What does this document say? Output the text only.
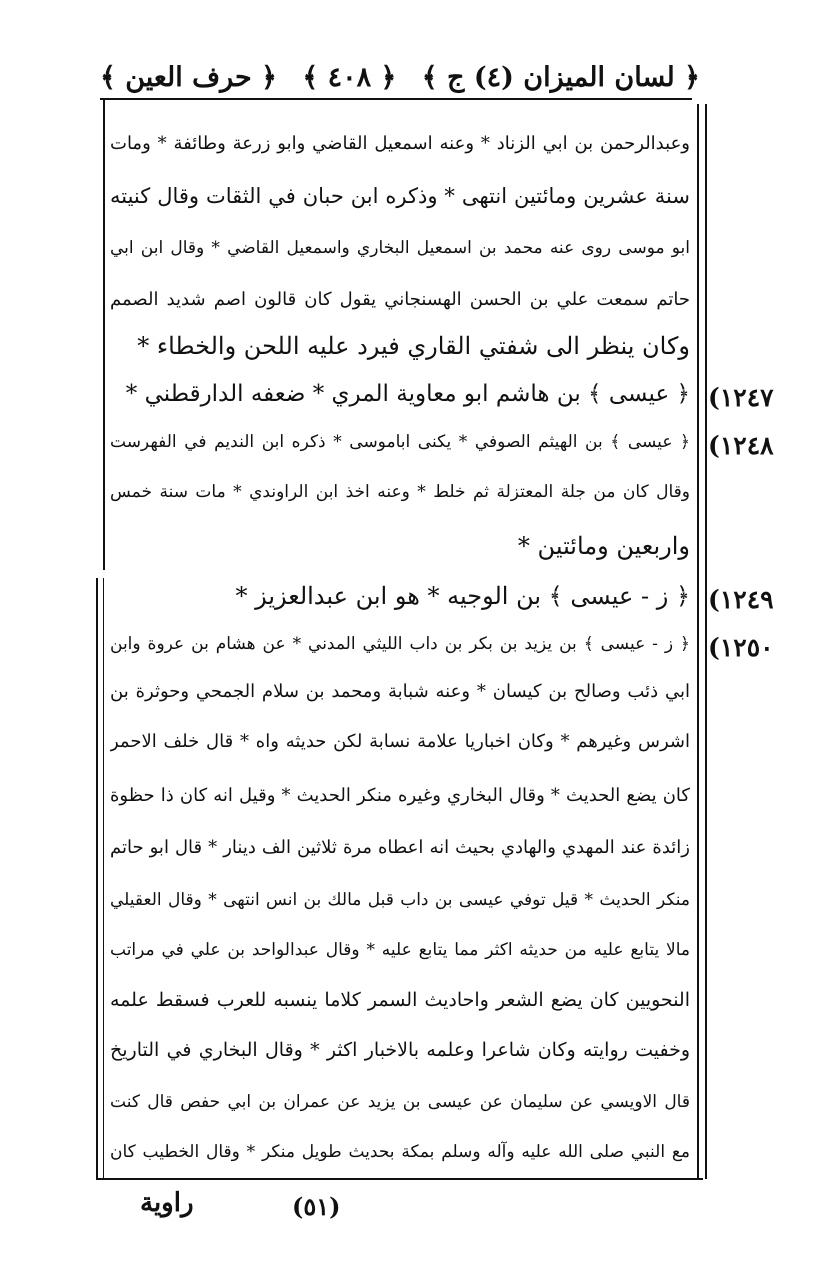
﴿ لسان الميزان (٤) ج ﴾
﴿ ٤٠٨ ﴾
﴿ حرف العين ﴾
وعبدالرحمن بن ابي الزناد * وعنه اسمعيل القاضي وابو زرعة وطائفة * ومات
سنة عشرين ومائتين انتهى * وذكره ابن حبان في الثقات وقال كنيته
ابو موسى روى عنه محمد بن اسمعيل البخاري واسمعيل القاضي * وقال ابن ابي
حاتم سمعت علي بن الحسن الهسنجاني يقول كان قالون اصم شديد الصمم
وكان ينظر الى شفتي القاري فيرد عليه اللحن والخطاء *
﴿ عيسى ﴾ بن هاشم ابو معاوية المري * ضعفه الدارقطني *
﴿ عيسى ﴾ بن الهيثم الصوفي * يكنى اباموسى * ذكره ابن النديم في الفهرست
وقال كان من جلة المعتزلة ثم خلط * وعنه اخذ ابن الراوندي * مات سنة خمس
واربعين ومائتين *
﴿ ز - عيسى ﴾ بن الوجيه * هو ابن عبدالعزيز *
﴿ ز - عيسى ﴾ بن يزيد بن بكر بن داب الليثي المدني * عن هشام بن عروة وابن
ابي ذئب وصالح بن كيسان * وعنه شبابة ومحمد بن سلام الجمحي وحوثرة بن
اشرس وغيرهم * وكان اخباريا علامة نسابة لكن حديثه واه * قال خلف الاحمر
كان يضع الحديث * وقال البخاري وغيره منكر الحديث * وقيل انه كان ذا حظوة
زائدة عند المهدي والهادي بحيث انه اعطاه مرة ثلاثين الف دينار * قال ابو حاتم
منكر الحديث * قيل توفي عيسى بن داب قبل مالك بن انس انتهى * وقال العقيلي
مالا يتابع عليه من حديثه اكثر مما يتابع عليه * وقال عبدالواحد بن علي في مراتب
النحويين كان يضع الشعر واحاديث السمر كلاما ينسبه للعرب فسقط علمه
وخفيت روايته وكان شاعرا وعلمه بالاخبار اكثر * وقال البخاري في التاريخ
قال الاويسي عن سليمان عن عيسى بن يزيد عن عمران بن ابي حفص قال كنت
مع النبي صلى الله عليه وآله وسلم بمكة بحديث طويل منكر * وقال الخطيب كان
(١٢٤٧
(١٢٤٨
(١٢٤٩
(١٢٥٠
(٥١)
راوية
